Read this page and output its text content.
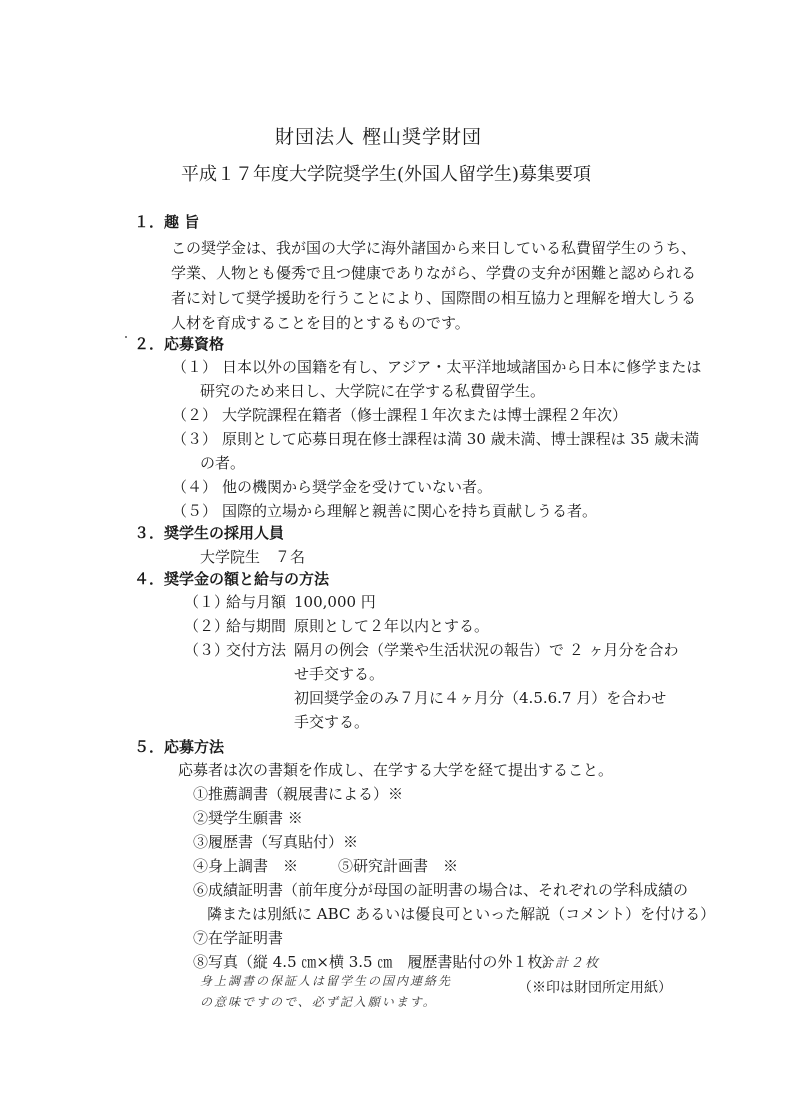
財団法人 樫山奨学財団
平成１７年度大学院奨学生(外国人留学生)募集要項
１．趣 旨
この奨学金は、我が国の大学に海外諸国から来日している私費留学生のうち、
学業、人物とも優秀で且つ健康でありながら、学費の支弁が困難と認められる
者に対して奨学援助を行うことにより、国際間の相互協力と理解を増大しうる
人材を育成することを目的とするものです。
２．応募資格
（１） 日本以外の国籍を有し、アジア・太平洋地域諸国から日本に修学または
研究のため来日し、大学院に在学する私費留学生。
（２） 大学院課程在籍者（修士課程１年次または博士課程２年次）
（３） 原則として応募日現在修士課程は満 30 歳未満、博士課程は 35 歳未満
の者。
（４） 他の機関から奨学金を受けていない者。
（５） 国際的立場から理解と親善に関心を持ち貢献しうる者。
３．奨学生の採用人員
大学院生　７名
４．奨学金の額と給与の方法
（１）
給与月額 100,000 円
（２）
給与期間 原則として２年以内とする。
（３）
交付方法 隔月の例会（学業や生活状況の報告）で ２ ヶ月分を合わ
せ手交する。
初回奨学金のみ７月に４ヶ月分（4.5.6.7 月）を合わせ
手交する。
５．応募方法
応募者は次の書類を作成し、在学する大学を経て提出すること。
①推薦調書（親展書による）※
②奨学生願書 ※
③履歴書（写真貼付）※
④身上調書　※	⑤研究計画書　※
⑥成績証明書（前年度分が母国の証明書の場合は、それぞれの学科成績の
隣または別紙に ABC あるいは優良可といった解説（コメント）を付ける）
⑦在学証明書
⑧写真（縦 4.5 ㎝×横 3.5 ㎝　履歴書貼付の外１枚）
合計２枚
（※印は財団所定用紙）
身上調書の保証人は留学生の国内連絡先
の意味ですので、必ず記入願います。
